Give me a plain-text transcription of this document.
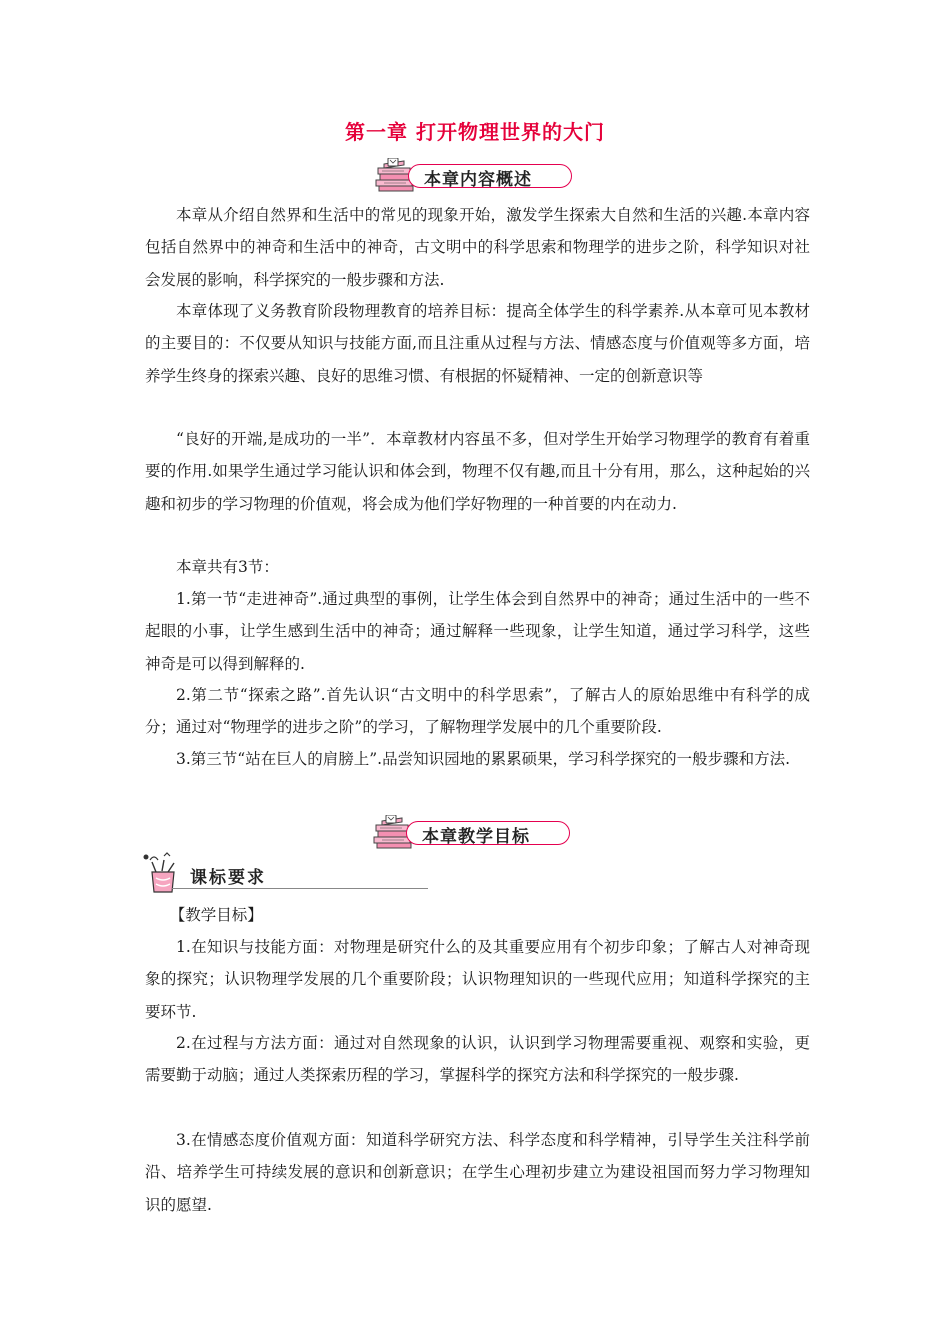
第一章 打开物理世界的大门
本章内容概述

本章从介绍自然界和生活中的常见的现象开始，激发学生探索大自然和生活的兴趣.本章内容包括自然界中的神奇和生活中的神奇，古文明中的科学思索和物理学的进步之阶，科学知识对社会发展的影响，科学探究的一般步骤和方法.

本章体现了义务教育阶段物理教育的培养目标：提高全体学生的科学素养.从本章可见本教材的主要目的：不仅要从知识与技能方面,而且注重从过程与方法、情感态度与价值观等多方面，培养学生终身的探索兴趣、良好的思维习惯、有根据的怀疑精神、一定的创新意识等

“良好的开端,是成功的一半”．本章教材内容虽不多，但对学生开始学习物理学的教育有着重要的作用.如果学生通过学习能认识和体会到，物理不仅有趣,而且十分有用，那么，这种起始的兴趣和初步的学习物理的价值观，将会成为他们学好物理的一种首要的内在动力.

本章共有3节：

1.第一节“走进神奇”.通过典型的事例，让学生体会到自然界中的神奇；通过生活中的一些不起眼的小事，让学生感到生活中的神奇；通过解释一些现象，让学生知道，通过学习科学，这些神奇是可以得到解释的.

2.第二节“探索之路”.首先认识“古文明中的科学思索”，了解古人的原始思维中有科学的成分；通过对“物理学的进步之阶”的学习，了解物理学发展中的几个重要阶段.

3.第三节“站在巨人的肩膀上”.品尝知识园地的累累硕果，学习科学探究的一般步骤和方法.

本章教学目标
课标要求

【教学目标】

1.在知识与技能方面：对物理是研究什么的及其重要应用有个初步印象；了解古人对神奇现象的探究；认识物理学发展的几个重要阶段；认识物理知识的一些现代应用；知道科学探究的主要环节.

2.在过程与方法方面：通过对自然现象的认识，认识到学习物理需要重视、观察和实验，更需要勤于动脑；通过人类探索历程的学习，掌握科学的探究方法和科学探究的一般步骤.

3.在情感态度价值观方面：知道科学研究方法、科学态度和科学精神，引导学生关注科学前沿、培养学生可持续发展的意识和创新意识；在学生心理初步建立为建设祖国而努力学习物理知识的愿望.
